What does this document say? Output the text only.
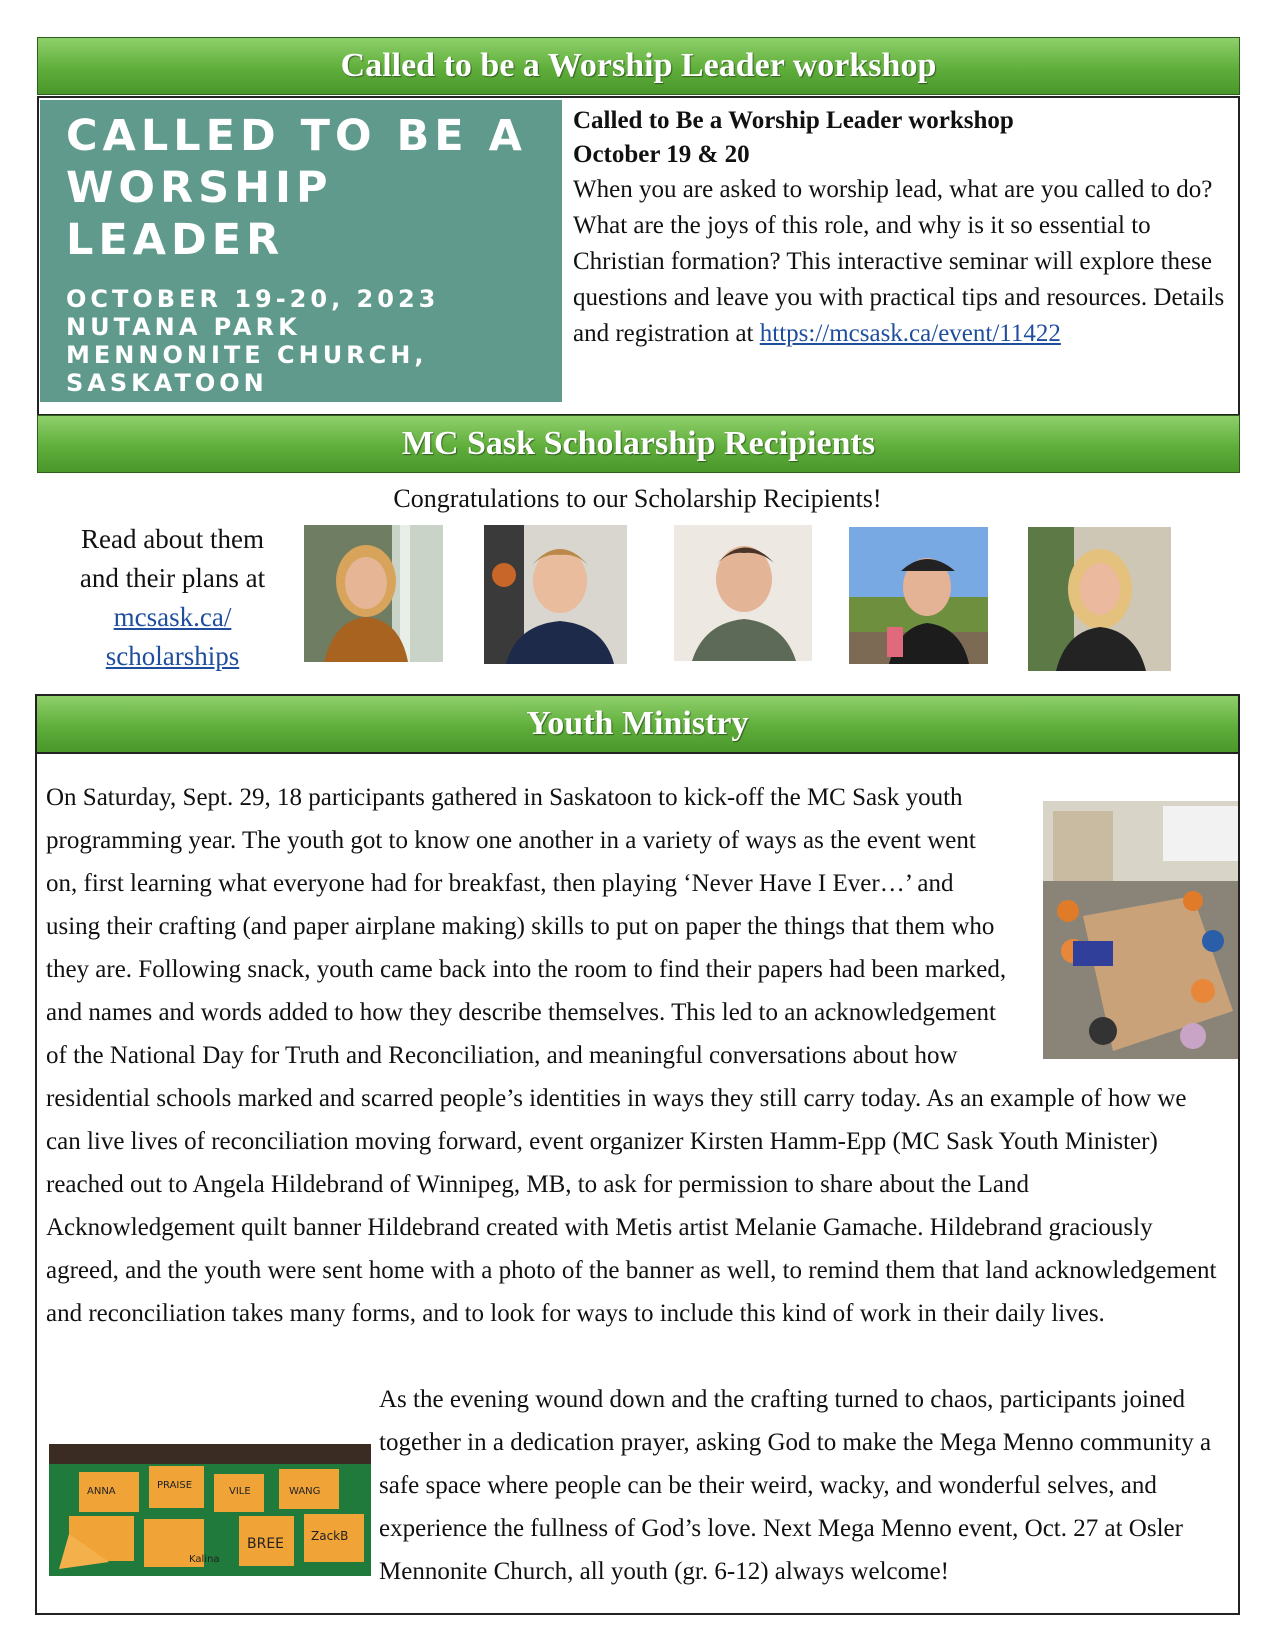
Called to be a Worship Leader workshop
CALLED TO BE A
WORSHIP
LEADER
OCTOBER 19-20, 2023
NUTANA PARK
MENNONITE CHURCH,
SASKATOON
Called to Be a Worship Leader workshop
October 19 & 20
When you are asked to worship lead, what are you called to do? What are the joys of this role, and why is it so essential to Christian formation? This interactive seminar will explore these questions and leave you with practical tips and resources. Details and registration at https://mcsask.ca/event/11422
MC Sask Scholarship Recipients
Congratulations to our Scholarship Recipients!
Read about them
and their plans at
mcsask.ca/
scholarships
Youth Ministry
On Saturday, Sept. 29, 18 participants gathered in Saskatoon to kick-off the MC Sask youth programming year. The youth got to know one another in a variety of ways as the event went on, first learning what everyone had for breakfast, then playing ‘Never Have I Ever…’ and using their crafting (and paper airplane making) skills to put on paper the things that them who they are. Following snack, youth came back into the room to find their papers had been marked, and names and words added to how they describe themselves. This led to an acknowledgement of the National Day for Truth and Reconciliation, and meaningful conversations about how residential schools marked and scarred people’s identities in ways they still carry today. As an example of how we can live lives of reconciliation moving forward, event organizer Kirsten Hamm-Epp (MC Sask Youth Minister) reached out to Angela Hildebrand of Winnipeg, MB, to ask for permission to share about the Land Acknowledgement quilt banner Hildebrand created with Metis artist Melanie Gamache. Hildebrand graciously agreed, and the youth were sent home with a photo of the banner as well, to remind them that land acknowledgement and reconciliation takes many forms, and to look for ways to include this kind of work in their daily lives.
As the evening wound down and the crafting turned to chaos, participants joined together in a dedication prayer, asking God to make the Mega Menno community a safe space where people can be their weird, wacky, and wonderful selves, and experience the fullness of God’s love. Next Mega Menno event, Oct. 27 at Osler Mennonite Church, all youth (gr. 6-12) always welcome!
ANNA
PRAISE
VILE
Kalina
BREE ZackB
WANG
